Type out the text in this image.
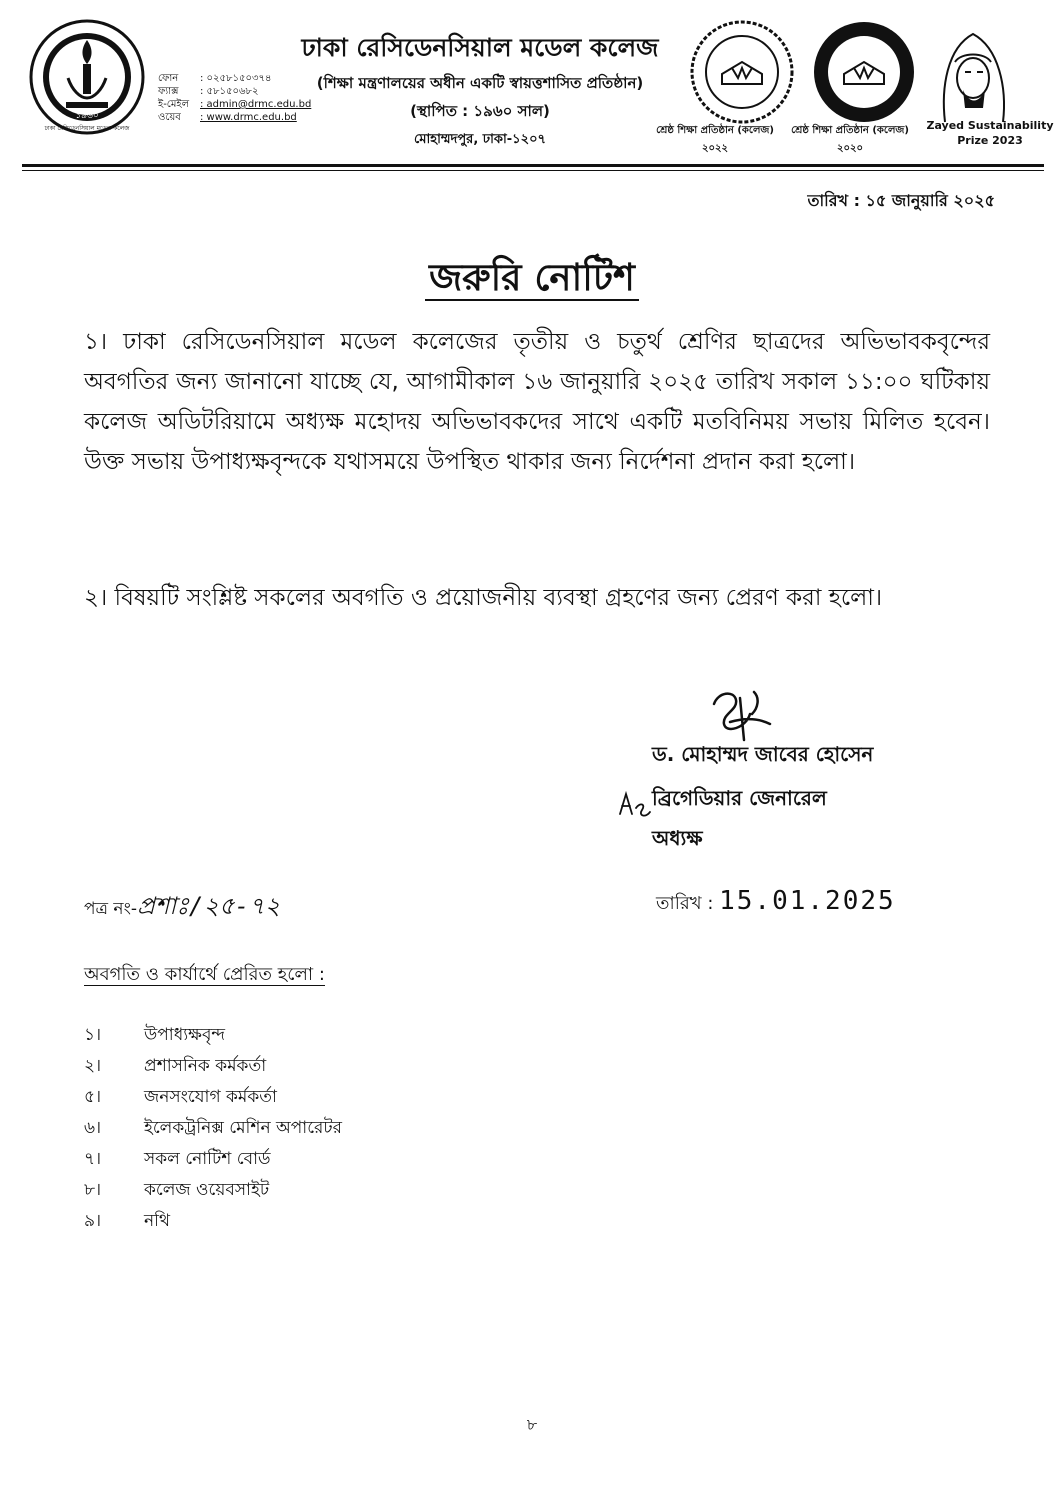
১৯৬০
ঢাকা রেসিডেনসিয়াল মডেল কলেজ
ফোন	: ০২৫৮১৫০৩৭৪
ফ্যাক্স	: ৫৮১৫০৬৮২
ই-মেইল	: admin@drmc.edu.bd
ওয়েব	: www.drmc.edu.bd
ঢাকা রেসিডেনসিয়াল মডেল কলেজ
(শিক্ষা মন্ত্রণালয়ের অধীন একটি স্বায়ত্তশাসিত প্রতিষ্ঠান)
(স্থাপিত : ১৯৬০ সাল)
মোহাম্মদপুর, ঢাকা-১২০৭
শ্রেষ্ঠ শিক্ষা প্রতিষ্ঠান (কলেজ)
২০২২
শ্রেষ্ঠ শিক্ষা প্রতিষ্ঠান (কলেজ)
২০২০
Zayed Sustainability
Prize 2023
তারিখ : ১৫ জানুয়ারি ২০২৫
জরুরি নোটিশ
১। ঢাকা রেসিডেনসিয়াল মডেল কলেজের তৃতীয় ও চতুর্থ শ্রেণির ছাত্রদের অভিভাবকবৃন্দের অবগতির জন্য জানানো যাচ্ছে যে, আগামীকাল ১৬ জানুয়ারি ২০২৫ তারিখ সকাল ১১:০০ ঘটিকায় কলেজ অডিটরিয়ামে অধ্যক্ষ মহোদয় অভিভাবকদের সাথে একটি মতবিনিময় সভায় মিলিত হবেন। উক্ত সভায় উপাধ্যক্ষবৃন্দকে যথাসময়ে উপস্থিত থাকার জন্য নির্দেশনা প্রদান করা হলো।
২। বিষয়টি সংশ্লিষ্ট সকলের অবগতি ও প্রয়োজনীয় ব্যবস্থা গ্রহণের জন্য প্রেরণ করা হলো।
ড. মোহাম্মদ জাবের হোসেন
ব্রিগেডিয়ার জেনারেল
অধ্যক্ষ
পত্র নং-প্রশাঃ/২৫-৭২	তারিখ : 15.01.2025
অবগতি ও কার্যার্থে প্রেরিত হলো :
১।	উপাধ্যক্ষবৃন্দ
২।	প্রশাসনিক কর্মকর্তা
৫।	জনসংযোগ কর্মকর্তা
৬।	ইলেকট্রনিক্স মেশিন অপারেটর
৭।	সকল নোটিশ বোর্ড
৮।	কলেজ ওয়েবসাইট
৯।	নথি
৮
